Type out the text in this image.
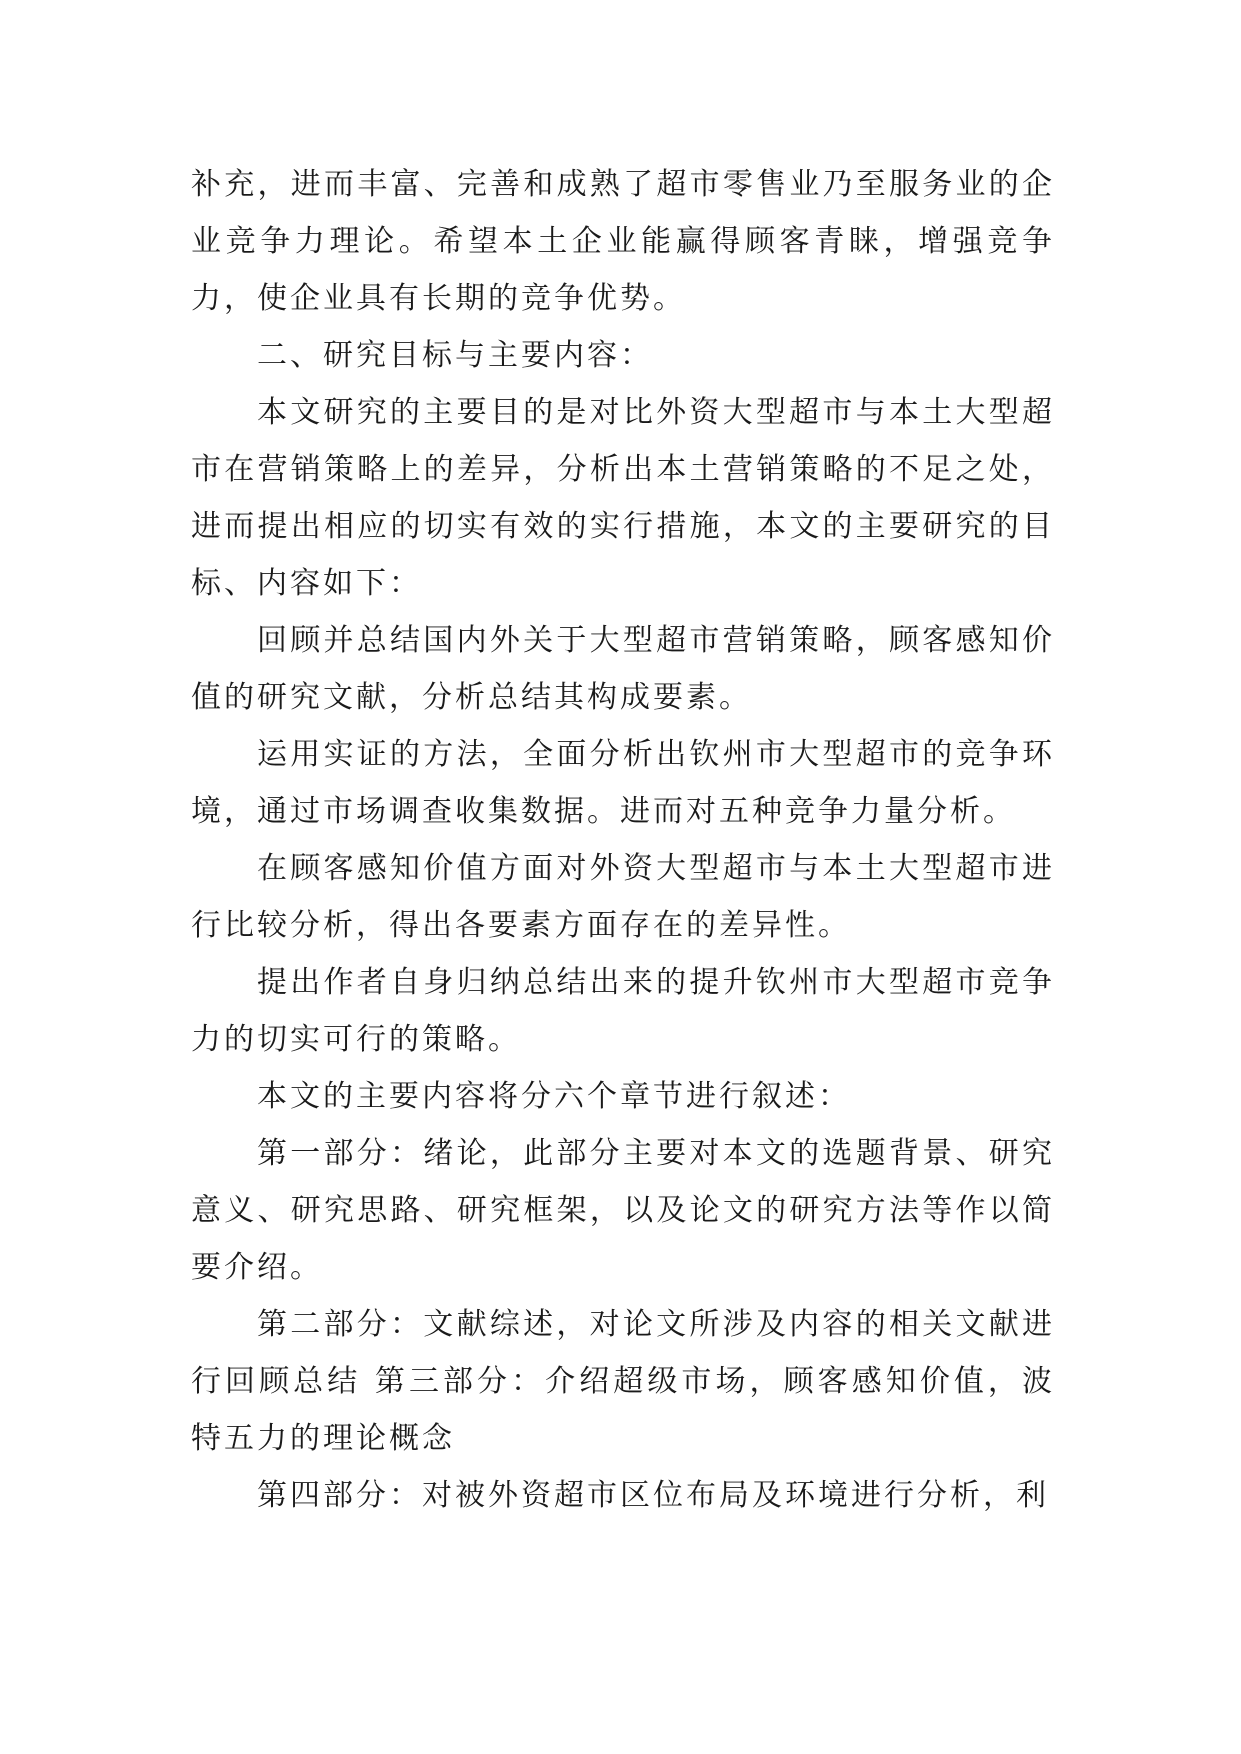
补充，进而丰富、完善和成熟了超市零售业乃至服务业的企业竞争力理论。希望本土企业能赢得顾客青睐，增强竞争力，使企业具有长期的竞争优势。

二、研究目标与主要内容：

本文研究的主要目的是对比外资大型超市与本土大型超市在营销策略上的差异，分析出本土营销策略的不足之处，进而提出相应的切实有效的实行措施，本文的主要研究的目标、内容如下：

回顾并总结国内外关于大型超市营销策略，顾客感知价值的研究文献，分析总结其构成要素。

运用实证的方法，全面分析出钦州市大型超市的竞争环境，通过市场调查收集数据。进而对五种竞争力量分析。

在顾客感知价值方面对外资大型超市与本土大型超市进行比较分析，得出各要素方面存在的差异性。

提出作者自身归纳总结出来的提升钦州市大型超市竞争力的切实可行的策略。

本文的主要内容将分六个章节进行叙述：

第一部分：绪论，此部分主要对本文的选题背景、研究意义、研究思路、研究框架，以及论文的研究方法等作以简要介绍。

第二部分：文献综述，对论文所涉及内容的相关文献进行回顾总结 第三部分：介绍超级市场，顾客感知价值，波特五力的理论概念

第四部分：对被外资超市区位布局及环境进行分析，利
